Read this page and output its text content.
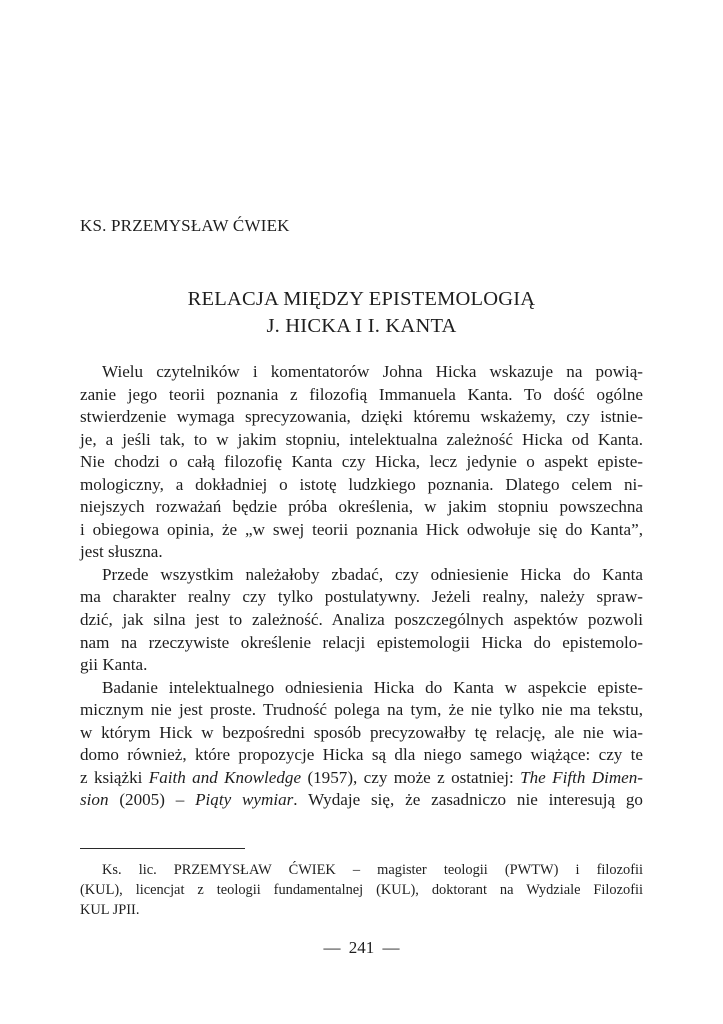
KS. PRZEMYSŁAW ĆWIEK
RELACJA MIĘDZY EPISTEMOLOGIĄ
J. HICKA I I. KANTA

Wielu czytelników i komentatorów Johna Hicka wskazuje na powią-

zanie jego teorii poznania z filozofią Immanuela Kanta. To dość ogólne

stwierdzenie wymaga sprecyzowania, dzięki któremu wskażemy, czy istnie-

je, a jeśli tak, to w jakim stopniu, intelektualna zależność Hicka od Kanta.

Nie chodzi o całą filozofię Kanta czy Hicka, lecz jedynie o aspekt episte-

mologiczny, a dokładniej o istotę ludzkiego poznania. Dlatego celem ni-

niejszych rozważań będzie próba określenia, w jakim stopniu powszechna

i obiegowa opinia, że „w swej teorii poznania Hick odwołuje się do Kanta”,

jest słuszna.

Przede wszystkim należałoby zbadać, czy odniesienie Hicka do Kanta

ma charakter realny czy tylko postulatywny. Jeżeli realny, należy spraw-

dzić, jak silna jest to zależność. Analiza poszczególnych aspektów pozwoli

nam na rzeczywiste określenie relacji epistemologii Hicka do epistemolo-

gii Kanta.

Badanie intelektualnego odniesienia Hicka do Kanta w aspekcie episte-

micznym nie jest proste. Trudność polega na tym, że nie tylko nie ma tekstu,

w którym Hick w bezpośredni sposób precyzowałby tę relację, ale nie wia-

domo również, które propozycje Hicka są dla niego samego wiążące: czy te

z książki Faith and Knowledge (1957), czy może z ostatniej: The Fifth Dimen-

sion (2005) – Piąty wymiar. Wydaje się, że zasadniczo nie interesują go

Ks. lic. PRZEMYSŁAW ĆWIEK – magister teologii (PWTW) i filozofii

(KUL), licencjat z teologii fundamentalnej (KUL), doktorant na Wydziale Filozofii

KUL JPII.

— 241 —
